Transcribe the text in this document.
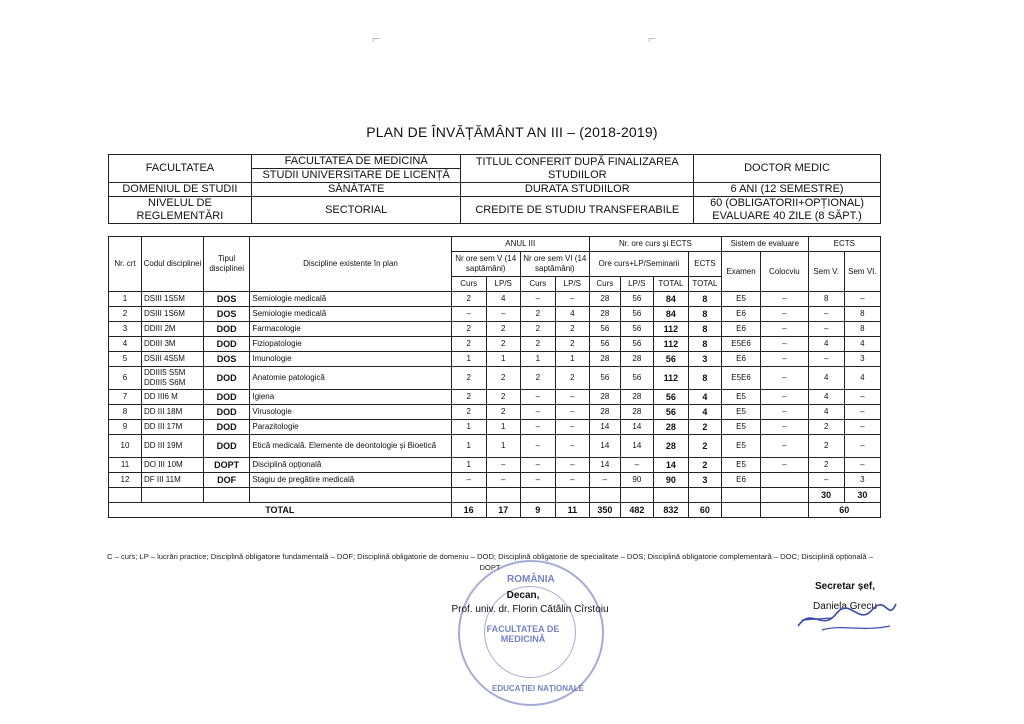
⌐	⌐
PLAN DE ÎNVĂȚĂMÂNT AN III – (2018-2019)
FACULTATEA	FACULTATEA DE MEDICINĂ	TITLUL CONFERIT DUPĂ FINALIZAREA STUDIILOR	DOCTOR MEDIC
	STUDII UNIVERSITARE DE LICENȚĂ		
DOMENIUL DE STUDII	SĂNĂTATE	DURATA STUDIILOR	6 ANI (12 SEMESTRE)
NIVELUL DE REGLEMENTĂRI	SECTORIAL	CREDITE DE STUDIU TRANSFERABILE	60 (OBLIGATORII+OPȚIONAL)
EVALUARE 40 ZILE (8 SĂPT.)
Nr. crt	Codul disciplinei	Tipul disciplinei	Discipline existente în plan	ANUL III				Nr. ore curs și ECTS				Sistem de evaluare		ECTS	
				Nr ore sem V (14 saptămâni)		Nr ore sem VI (14 saptămâni)		Ore curs+LP/Seminarii			ECTS	Examen	Colocviu	Sem V.	Sem VI.
				Curs	LP/S	Curs	LP/S	Curs	LP/S	TOTAL	TOTAL				
1	DSIII 1S5M	DOS	Semiologie medicală	2	4	–	–	28	56	84	8	E5	–	8	–
2	DSIII 1S6M	DOS	Semiologie medicală	–	–	2	4	28	56	84	8	E6	–	–	8
3	DDIII 2M	DOD	Farmacologie	2	2	2	2	56	56	112	8	E6	–	–	8
4	DDIII 3M	DOD	Fiziopatologie	2	2	2	2	56	56	112	8	E5E6	–	4	4
5	DSIII 4S5M	DOS	Imunologie	1	1	1	1	28	28	56	3	E6	–	–	3
6	DDIII5 S5M DDIII5 S6M	DOD	Anatomie patologică	2	2	2	2	56	56	112	8	E5E6	–	4	4
7	DD III6 M	DOD	Igiena	2	2	–	–	28	28	56	4	E5	–	4	–
8	DD III 18M	DOD	Virusologie	2	2	–	–	28	28	56	4	E5	–	4	–
9	DD III 17M	DOD	Parazitologie	1	1	–	–	14	14	28	2	E5	–	2	–
10	DD III 19M	DOD	Etică medicală. Elemente de deontologie și Bioetică	1	1	–	–	14	14	28	2	E5	–	2	–
11	DO III 10M	DOPT	Disciplină opțională	1	–	–	–	14	–	14	2	E5	–	2	–
12	DF III 11M	DOF	Stagiu de pregătire medicală	–	–	–	–	–	90	90	3	E6		–	3
														30	30
TOTAL				16	17	9	11	350	482	832	60			60	
C – curs; LP – lucrări practice; Disciplină obligatorie fundamentală – DOF; Disciplină obligatorie de domeniu – DOD; Disciplină obligatorie de specialitate – DOS; Disciplină obligatorie complementară – DOC; Disciplină opțională – DOPT
ROMÂNIA
FACULTATEA DE MEDICINĂ
EDUCAȚIEI NAȚIONALE
Decan,
Prof. univ. dr. Florin Cătălin Cîrstoiu
Secretar șef,
Daniela Grecu
